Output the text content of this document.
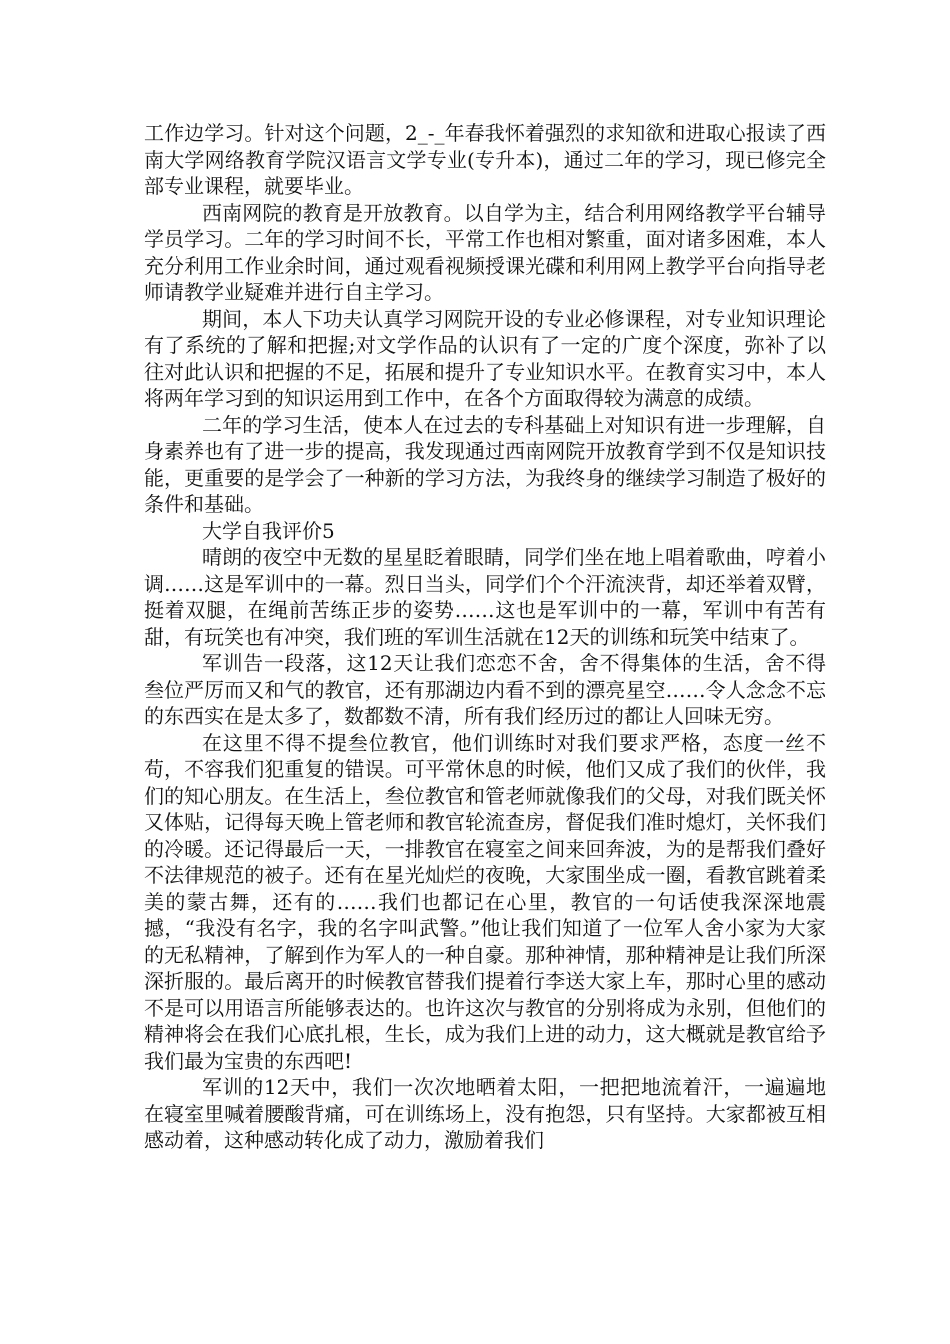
工作边学习。针对这个问题，2_-_年春我怀着强烈的求知欲和进取心报读了西南大学网络教育学院汉语言文学专业(专升本)，通过二年的学习，现已修完全部专业课程，就要毕业。

西南网院的教育是开放教育。以自学为主，结合利用网络教学平台辅导学员学习。二年的学习时间不长，平常工作也相对繁重，面对诸多困难，本人充分利用工作业余时间，通过观看视频授课光碟和利用网上教学平台向指导老师请教学业疑难并进行自主学习。

期间，本人下功夫认真学习网院开设的专业必修课程，对专业知识理论有了系统的了解和把握;对文学作品的认识有了一定的广度个深度，弥补了以往对此认识和把握的不足，拓展和提升了专业知识水平。在教育实习中，本人将两年学习到的知识运用到工作中，在各个方面取得较为满意的成绩。

二年的学习生活，使本人在过去的专科基础上对知识有进一步理解，自身素养也有了进一步的提高，我发现通过西南网院开放教育学到不仅是知识技能，更重要的是学会了一种新的学习方法，为我终身的继续学习制造了极好的条件和基础。

大学自我评价5

晴朗的夜空中无数的星星眨着眼睛，同学们坐在地上唱着歌曲，哼着小调……这是军训中的一幕。烈日当头，同学们个个汗流浃背，却还举着双臂，挺着双腿，在绳前苦练正步的姿势……这也是军训中的一幕，军训中有苦有甜，有玩笑也有冲突，我们班的军训生活就在12天的训练和玩笑中结束了。

军训告一段落，这12天让我们恋恋不舍，舍不得集体的生活，舍不得叁位严厉而又和气的教官，还有那湖边内看不到的漂亮星空……令人念念不忘的东西实在是太多了，数都数不清，所有我们经历过的都让人回味无穷。

在这里不得不提叁位教官，他们训练时对我们要求严格，态度一丝不苟，不容我们犯重复的错误。可平常休息的时候，他们又成了我们的伙伴，我们的知心朋友。在生活上，叁位教官和管老师就像我们的父母，对我们既关怀又体贴，记得每天晚上管老师和教官轮流查房，督促我们准时熄灯，关怀我们的冷暖。还记得最后一天，一排教官在寝室之间来回奔波，为的是帮我们叠好不法律规范的被子。还有在星光灿烂的夜晚，大家围坐成一圈，看教官跳着柔美的蒙古舞，还有的……我们也都记在心里，教官的一句话使我深深地震撼，“我没有名字，我的名字叫武警。”他让我们知道了一位军人舍小家为大家的无私精神，了解到作为军人的一种自豪。那种神情，那种精神是让我们所深深折服的。最后离开的时候教官替我们提着行李送大家上车，那时心里的感动不是可以用语言所能够表达的。也许这次与教官的分别将成为永别，但他们的精神将会在我们心底扎根，生长，成为我们上进的动力，这大概就是教官给予我们最为宝贵的东西吧!

军训的12天中，我们一次次地晒着太阳，一把把地流着汗，一遍遍地在寝室里喊着腰酸背痛，可在训练场上，没有抱怨，只有坚持。大家都被互相感动着，这种感动转化成了动力，激励着我们
